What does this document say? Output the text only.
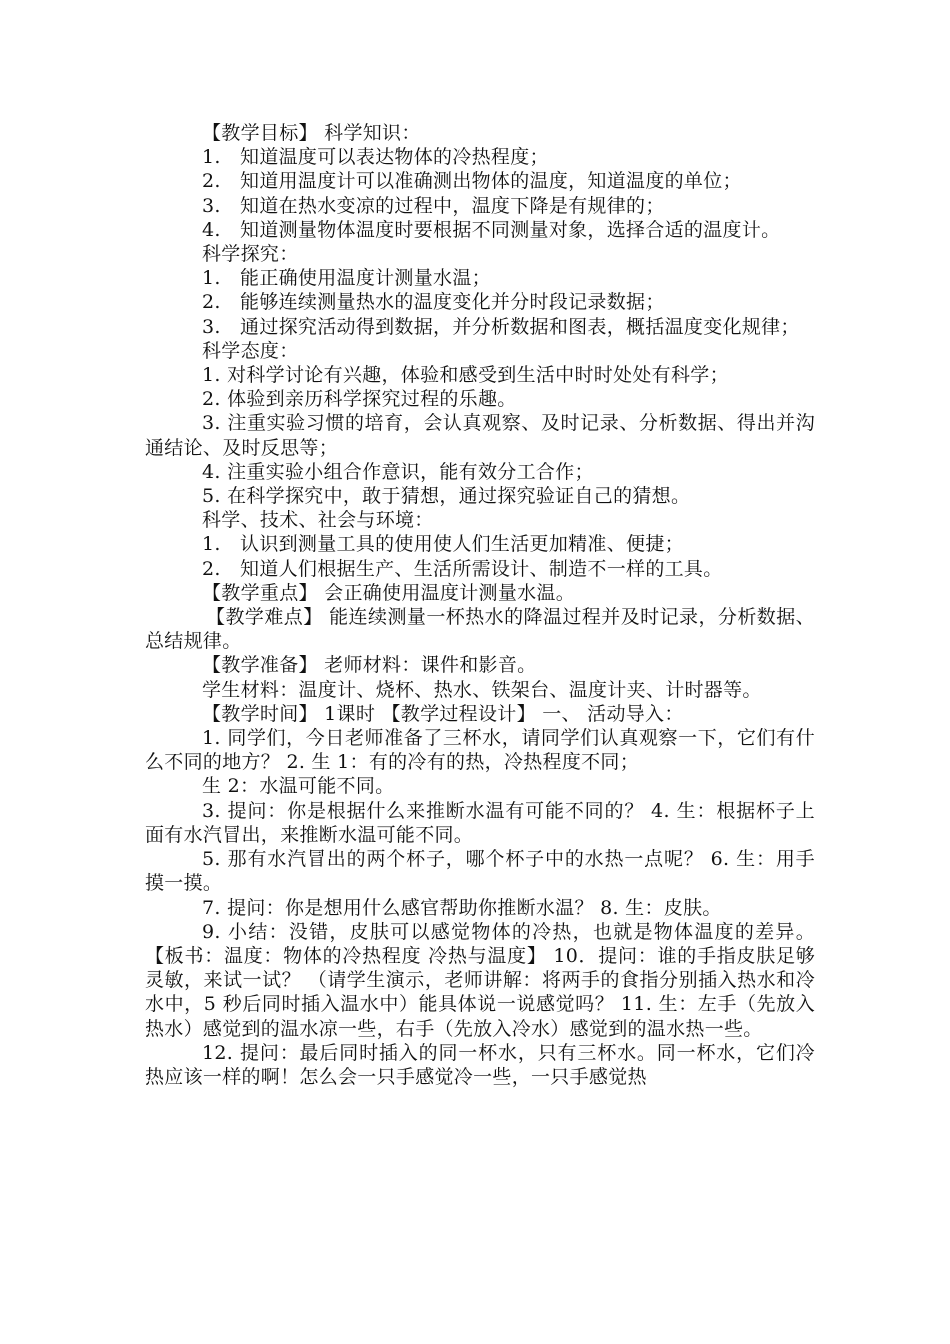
【教学目标】 科学知识：

1.　知道温度可以表达物体的冷热程度；

2.　知道用温度计可以准确测出物体的温度，知道温度的单位；

3.　知道在热水变凉的过程中，温度下降是有规律的；

4.　知道测量物体温度时要根据不同测量对象，选择合适的温度计。

科学探究：

1.　能正确使用温度计测量水温；

2.　能够连续测量热水的温度变化并分时段记录数据；

3.　通过探究活动得到数据，并分析数据和图表，概括温度变化规律；

科学态度：

1. 对科学讨论有兴趣，体验和感受到生活中时时处处有科学；

2. 体验到亲历科学探究过程的乐趣。

3. 注重实验习惯的培育，会认真观察、及时记录、分析数据、得出并沟通结论、及时反思等；

4. 注重实验小组合作意识，能有效分工合作；

5. 在科学探究中，敢于猜想，通过探究验证自己的猜想。

科学、技术、社会与环境：

1.　认识到测量工具的使用使人们生活更加精准、便捷；

2.　知道人们根据生产、生活所需设计、制造不一样的工具。

【教学重点】 会正确使用温度计测量水温。

【教学难点】 能连续测量一杯热水的降温过程并及时记录，分析数据、总结规律。

【教学准备】 老师材料：课件和影音。

学生材料：温度计、烧杯、热水、铁架台、温度计夹、计时器等。

【教学时间】 1课时 【教学过程设计】 一、 活动导入：

1. 同学们，今日老师准备了三杯水，请同学们认真观察一下，它们有什么不同的地方？ 2. 生 1：有的冷有的热，冷热程度不同；

生 2：水温可能不同。

3. 提问：你是根据什么来推断水温有可能不同的？ 4. 生：根据杯子上面有水汽冒出，来推断水温可能不同。

5. 那有水汽冒出的两个杯子，哪个杯子中的水热一点呢？ 6. 生：用手摸一摸。

7. 提问：你是想用什么感官帮助你推断水温？ 8. 生：皮肤。

9. 小结：没错，皮肤可以感觉物体的冷热，也就是物体温度的差异。【板书：温度：物体的冷热程度 冷热与温度】 10．提问：谁的手指皮肤足够灵敏，来试一试？ （请学生演示，老师讲解：将两手的食指分别插入热水和冷水中，5 秒后同时插入温水中）能具体说一说感觉吗？ 11. 生：左手（先放入热水）感觉到的温水凉一些，右手（先放入冷水）感觉到的温水热一些。

12. 提问：最后同时插入的同一杯水，只有三杯水。同一杯水，它们冷热应该一样的啊！怎么会一只手感觉冷一些，一只手感觉热
